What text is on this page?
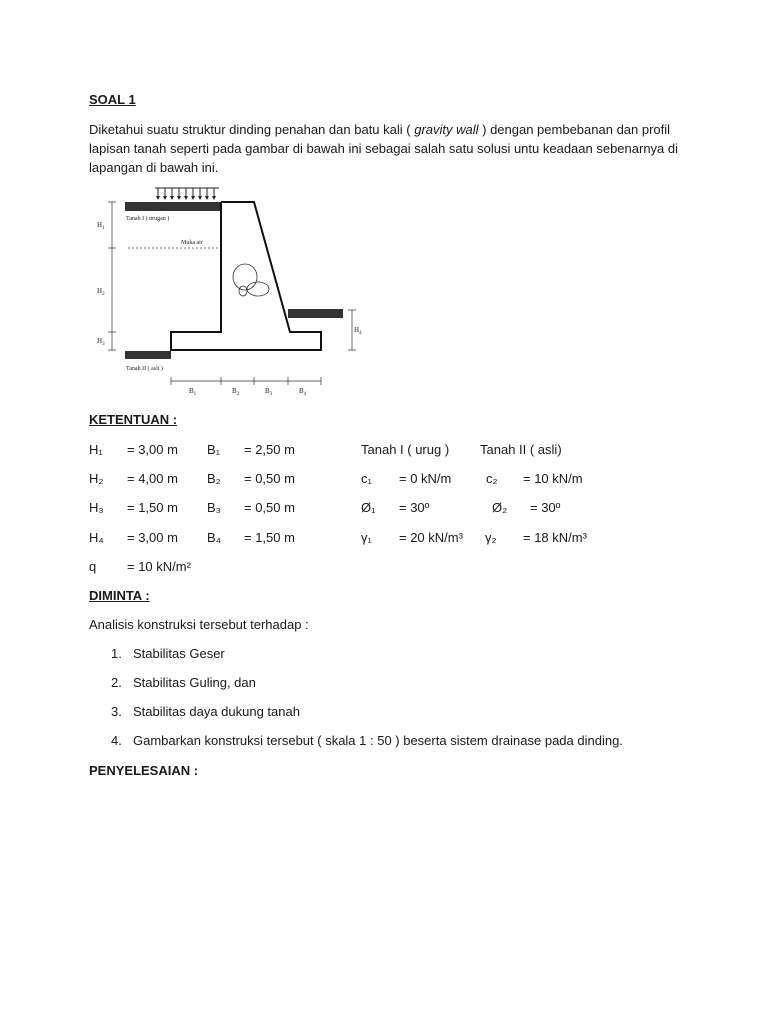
SOAL 1
Diketahui suatu struktur dinding penahan dan batu kali ( gravity wall ) dengan pembebanan dan profil lapisan tanah seperti pada gambar di bawah ini sebagai salah satu solusi untu keadaan sebenarnya di lapangan di bawah ini.
Tanah I ( urugan )
Muka air
$H_4$
Tanah II ( asli )
$H_1$
$H_2$
$H_3$
$B_1$	$B_2$	$B_3$	$B_4$
KETENTUAN :
H₁ = 3,00 m B₁ = 2,50 m	Tanah I ( urug ) Tanah II ( asli)
H₂ = 4,00 m B₂ = 0,50 m	c₁ = 0 kN/m	c₂ = 10 kN/m
H₃ = 1,50 m B₃ = 0,50 m	Ø₁ = 30º	Ø₂ = 30º
H₄ = 3,00 m B₄ = 1,50 m	γ₁ = 20 kN/m³ γ₂ = 18 kN/m³
q = 10 kN/m²
DIMINTA :
Analisis konstruksi tersebut terhadap :
1. Stabilitas Geser
2. Stabilitas Guling, dan
3. Stabilitas daya dukung tanah
4. Gambarkan konstruksi tersebut ( skala 1 : 50 ) beserta sistem drainase pada dinding.
PENYELESAIAN :
